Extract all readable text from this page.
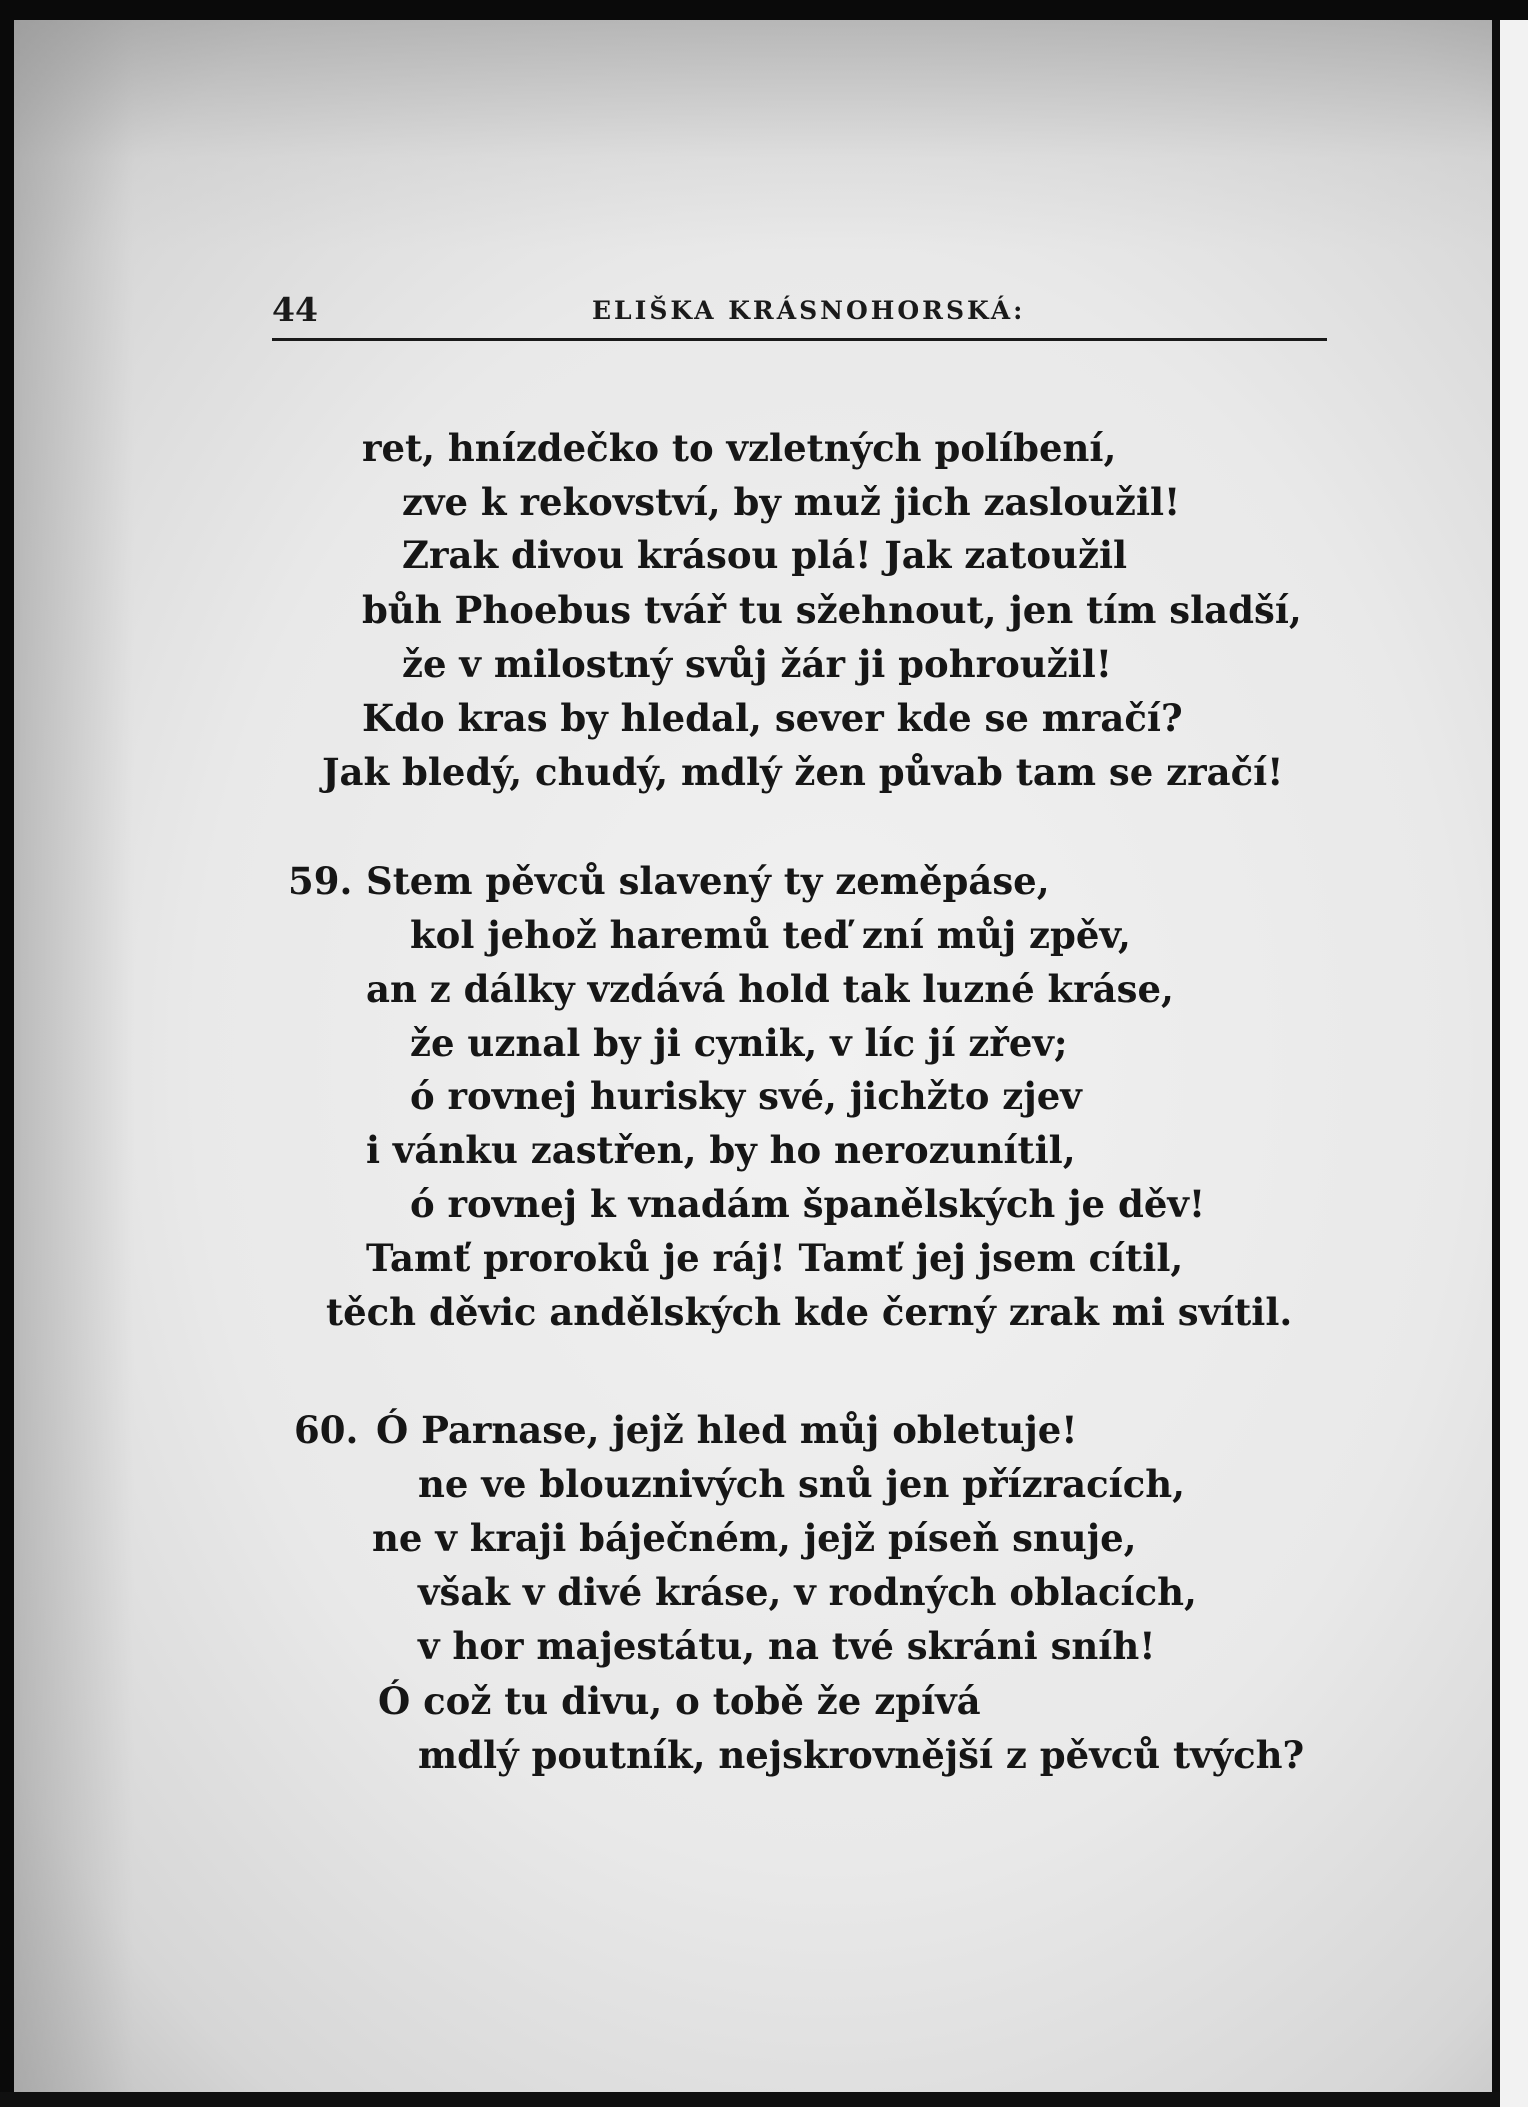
44	ELIŠKA KRÁSNOHORSKÁ:
ret, hnízdečko to vzletných políbení,
zve k rekovství, by muž jich zasloužil!
Zrak divou krásou plá! Jak zatoužil
bůh Phoebus tvář tu sžehnout, jen tím sladší,
že v milostný svůj žár ji pohroužil!
Kdo kras by hledal, sever kde se mračí?
Jak bledý, chudý, mdlý žen půvab tam se zračí!
59. Stem pěvců slavený ty zeměpáse,
kol jehož haremů teď zní můj zpěv,
an z dálky vzdává hold tak luzné kráse,
že uznal by ji cynik, v líc jí zřev;
ó rovnej hurisky své, jichžto zjev
i vánku zastřen, by ho nerozunítil,
ó rovnej k vnadám španělských je děv!
Tamť proroků je ráj! Tamť jej jsem cítil,
těch děvic andělských kde černý zrak mi svítil.
60. Ó Parnase, jejž hled můj obletuje!
ne ve blouznivých snů jen přízracích,
ne v kraji báječném, jejž píseň snuje,
však v divé kráse, v rodných oblacích,
v hor majestátu, na tvé skráni sníh!
Ó což tu divu, o tobě že zpívá
mdlý poutník, nejskrovnější z pěvců tvých?
